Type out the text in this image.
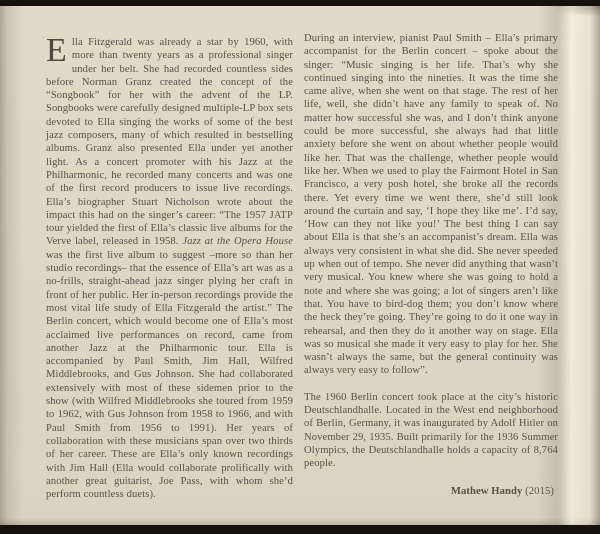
Ella Fitzgerald was already a star by 1960, with more than twenty years as a professional singer under her belt. She had recorded countless sides before Norman Granz created the concept of the “Songbook” for her with the advent of the LP. Songbooks were carefully designed multiple-LP box sets devoted to Ella singing the works of some of the best jazz composers, many of which resulted in bestselling albums. Granz also presented Ella under yet another light. As a concert promoter with his Jazz at the Philharmonic, he recorded many concerts and was one of the first record producers to issue live recordings. Ella’s biographer Stuart Nicholson wrote about the impact this had on the singer’s career: “The 1957 JATP tour yielded the first of Ella’s classic live albums for the Verve label, released in 1958. Jazz at the Opera House was the first live album to suggest –more so than her studio recordings– that the essence of Ella’s art was as a no-frills, straight-ahead jazz singer plying her craft in front of her public. Her in-person recordings provide the most vital life study of Ella Fitzgerald the artist.” The Berlin concert, which would become one of Ella’s most acclaimed live performances on record, came from another Jazz at the Philharmonic tour. Ella is accompanied by Paul Smith, Jim Hall, Wilfred Middlebrooks, and Gus Johnson. She had collaborated extensively with most of these sidemen prior to the show (with Wilfred Middlebrooks she toured from 1959 to 1962, with Gus Johnson from 1958 to 1966, and with Paul Smith from 1956 to 1991). Her years of collaboration with these musicians span over two thirds of her career. These are Ella’s only known recordings with Jim Hall (Ella would collaborate prolifically with another great guitarist, Joe Pass, with whom she’d perform countless duets).

During an interview, pianist Paul Smith – Ella’s primary accompanist for the Berlin concert – spoke about the singer: “Music singing is her life. That’s why she continued singing into the nineties. It was the time she came alive, when she went on that stage. The rest of her life, well, she didn’t have any family to speak of. No matter how successful she was, and I don’t think anyone could be more successful, she always had that little anxiety before she went on about whether people would like her. That was the challenge, whether people would like her. When we used to play the Fairmont Hotel in San Francisco, a very posh hotel, she broke all the records there. Yet every time we went there, she’d still look around the curtain and say, ‘I hope they like me’. I’d say, ‘How can they not like you!’ The best thing I can say about Ella is that she’s an accompanist’s dream. Ella was always very consistent in what she did. She never speeded up when out of tempo. She never did anything that wasn’t very musical. You knew where she was going to hold a note and where she was going; a lot of singers aren’t like that. You have to bird-dog them; you don’t know where the heck they’re going. They’re going to do it one way in rehearsal, and then they do it another way on stage. Ella was so musical she made it very easy to play for her. She wasn’t always the same, but the general continuity was always very easy to follow”.

The 1960 Berlin concert took place at the city’s historic Deutschlandhalle. Located in the West end neighborhood of Berlin, Germany, it was inaugurated by Adolf Hitler on November 29, 1935. Built primarily for the 1936 Summer Olympics, the Deutschlandhalle holds a capacity of 8,764 people.

Mathew Handy (2015)
